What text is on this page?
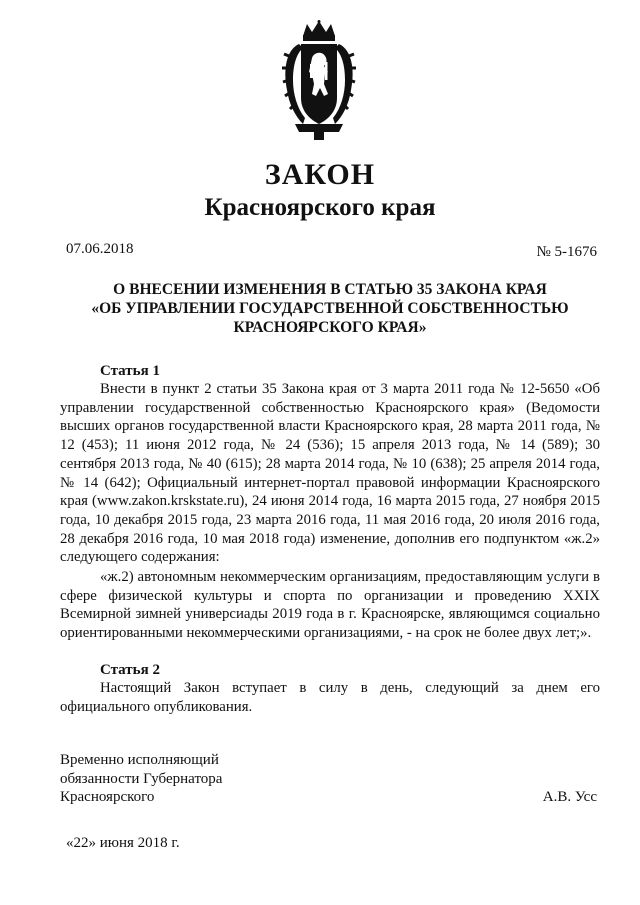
ЗАКОН
Красноярского края
07.06.2018	№ 5-1676
О ВНЕСЕНИИ ИЗМЕНЕНИЯ В СТАТЬЮ 35 ЗАКОНА КРАЯ
«ОБ УПРАВЛЕНИИ ГОСУДАРСТВЕННОЙ СОБСТВЕННОСТЬЮ
КРАСНОЯРСКОГО КРАЯ»
Статья 1

Внести в пункт 2 статьи 35 Закона края от 3 марта 2011 года № 12-5650 «Об управлении государственной собственностью Красноярского края» (Ведомости высших органов государственной власти Красноярского края, 28 марта 2011 года, № 12 (453); 11 июня 2012 года, № 24 (536); 15 апреля 2013 года, № 14 (589); 30 сентября 2013 года, № 40 (615); 28 марта 2014 года, № 10 (638); 25 апреля 2014 года, № 14 (642); Официальный интернет-портал правовой информации Красноярского края (www.zakon.krskstate.ru), 24 июня 2014 года, 16 марта 2015 года, 27 ноября 2015 года, 10 декабря 2015 года, 23 марта 2016 года, 11 мая 2016 года, 20 июля 2016 года, 28 декабря 2016 года, 10 мая 2018 года) изменение, дополнив его подпунктом «ж.2» следующего содержания:

«ж.2) автономным некоммерческим организациям, предоставляющим услуги в сфере физической культуры и спорта по организации и проведению XXIX Всемирной зимней универсиады 2019 года в г. Красноярске, являющимся социально ориентированными некоммерческими организациями, - на срок не более двух лет;».

Статья 2

Настоящий Закон вступает в силу в день, следующий за днем его официального опубликования.

Временно исполняющий
обязанности Губернатора
Красноярского	А.В. Усс
«22» июня 2018 г.
